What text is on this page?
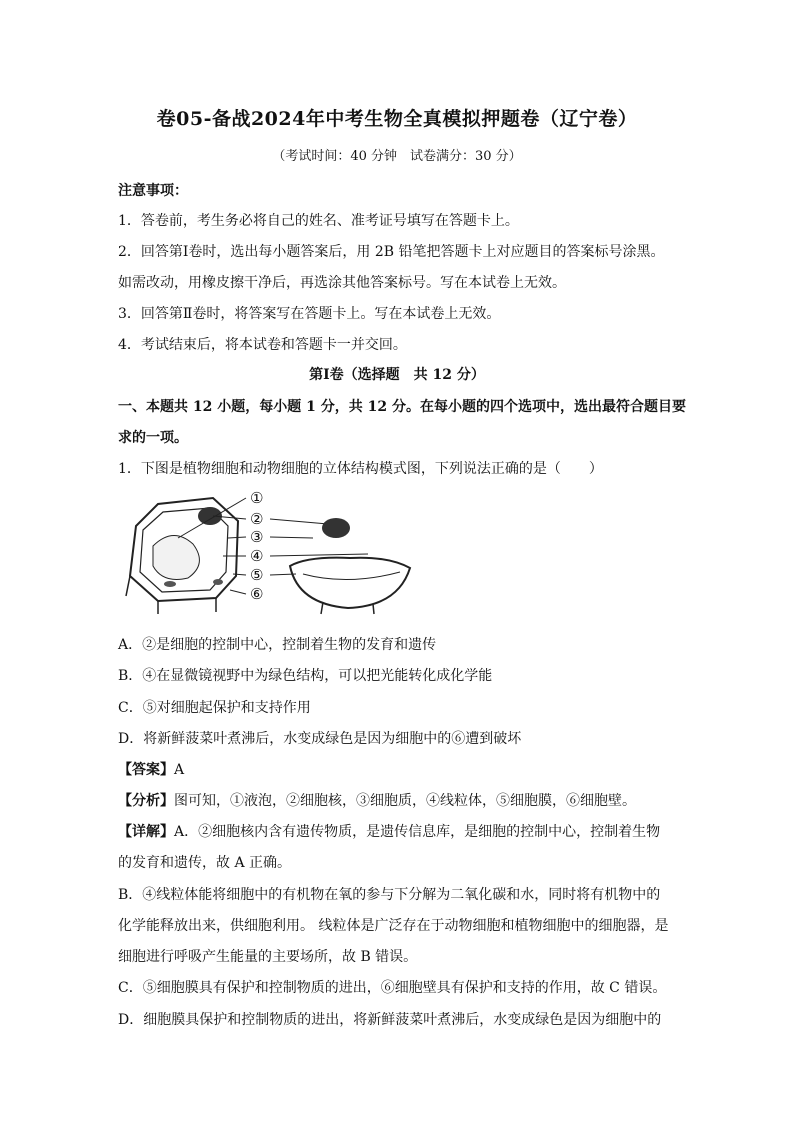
卷05-备战2024年中考生物全真模拟押题卷（辽宁卷）
（考试时间：40 分钟　试卷满分：30 分）
注意事项：
1．答卷前，考生务必将自己的姓名、准考证号填写在答题卡上。
2．回答第Ⅰ卷时，选出每小题答案后，用 2B 铅笔把答题卡上对应题目的答案标号涂黑。
如需改动，用橡皮擦干净后，再选涂其他答案标号。写在本试卷上无效。
3．回答第Ⅱ卷时，将答案写在答题卡上。写在本试卷上无效。
4．考试结束后，将本试卷和答题卡一并交回。
第Ⅰ卷（选择题　共 12 分）
一、本题共 12 小题，每小题 1 分，共 12 分。在每小题的四个选项中，选出最符合题目要
求的一项。
1．下图是植物细胞和动物细胞的立体结构模式图，下列说法正确的是（　　）
①
②
③
④
⑤
⑥
A．②是细胞的控制中心，控制着生物的发育和遗传
B．④在显微镜视野中为绿色结构，可以把光能转化成化学能
C．⑤对细胞起保护和支持作用
D．将新鲜菠菜叶煮沸后，水变成绿色是因为细胞中的⑥遭到破坏
【答案】A
【分析】图可知，①液泡，②细胞核，③细胞质，④线粒体，⑤细胞膜，⑥细胞壁。
【详解】A．②细胞核内含有遗传物质，是遗传信息库，是细胞的控制中心，控制着生物
的发育和遗传，故 A 正确。
B．④线粒体能将细胞中的有机物在氧的参与下分解为二氧化碳和水，同时将有机物中的
化学能释放出来，供细胞利用。 线粒体是广泛存在于动物细胞和植物细胞中的细胞器，是
细胞进行呼吸产生能量的主要场所，故 B 错误。
C．⑤细胞膜具有保护和控制物质的进出，⑥细胞壁具有保护和支持的作用，故 C 错误。
D．细胞膜具保护和控制物质的进出，将新鲜菠菜叶煮沸后，水变成绿色是因为细胞中的
